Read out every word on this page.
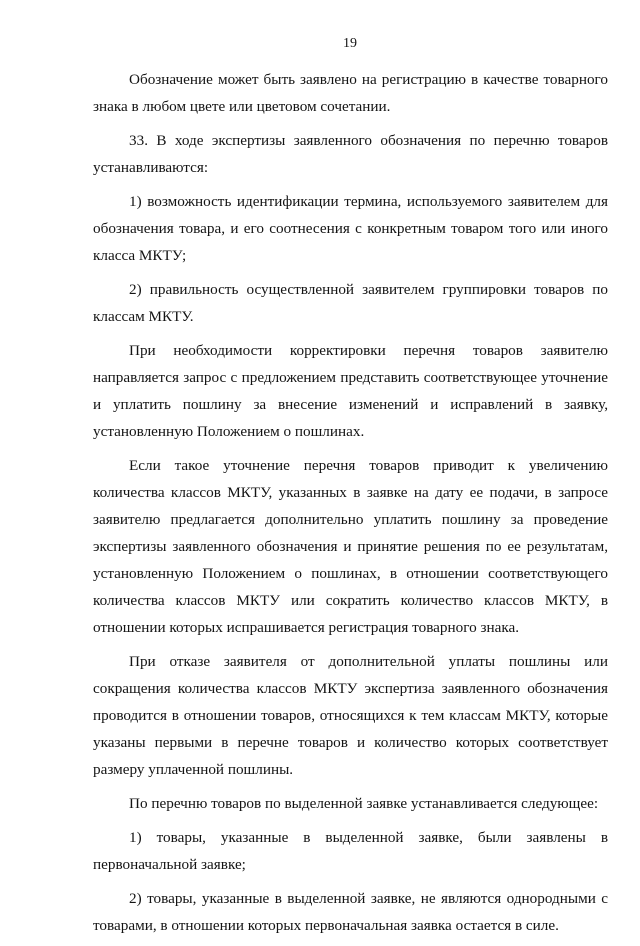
19

Обозначение может быть заявлено на регистрацию в качестве товарного знака в любом цвете или цветовом сочетании.

33. В ходе экспертизы заявленного обозначения по перечню товаров устанавливаются:

1) возможность идентификации термина, используемого заявителем для обозначения товара, и его соотнесения с конкретным товаром того или иного класса МКТУ;

2) правильность осуществленной заявителем группировки товаров по классам МКТУ.

При необходимости корректировки перечня товаров заявителю направляется запрос с предложением представить соответствующее уточнение и уплатить пошлину за внесение изменений и исправлений в заявку, установленную Положением о пошлинах.

Если такое уточнение перечня товаров приводит к увеличению количества классов МКТУ, указанных в заявке на дату ее подачи, в запросе заявителю предлагается дополнительно уплатить пошлину за проведение экспертизы заявленного обозначения и принятие решения по ее результатам, установленную Положением о пошлинах, в отношении соответствующего количества классов МКТУ или сократить количество классов МКТУ, в отношении которых испрашивается регистрация товарного знака.

При отказе заявителя от дополнительной уплаты пошлины или сокращения количества классов МКТУ экспертиза заявленного обозначения проводится в отношении товаров, относящихся к тем классам МКТУ, которые указаны первыми в перечне товаров и количество которых соответствует размеру уплаченной пошлины.

По перечню товаров по выделенной заявке устанавливается следующее:

1) товары, указанные в выделенной заявке, были заявлены в первоначальной заявке;

2) товары, указанные в выделенной заявке, не являются однородными с товарами, в отношении которых первоначальная заявка остается в силе.
